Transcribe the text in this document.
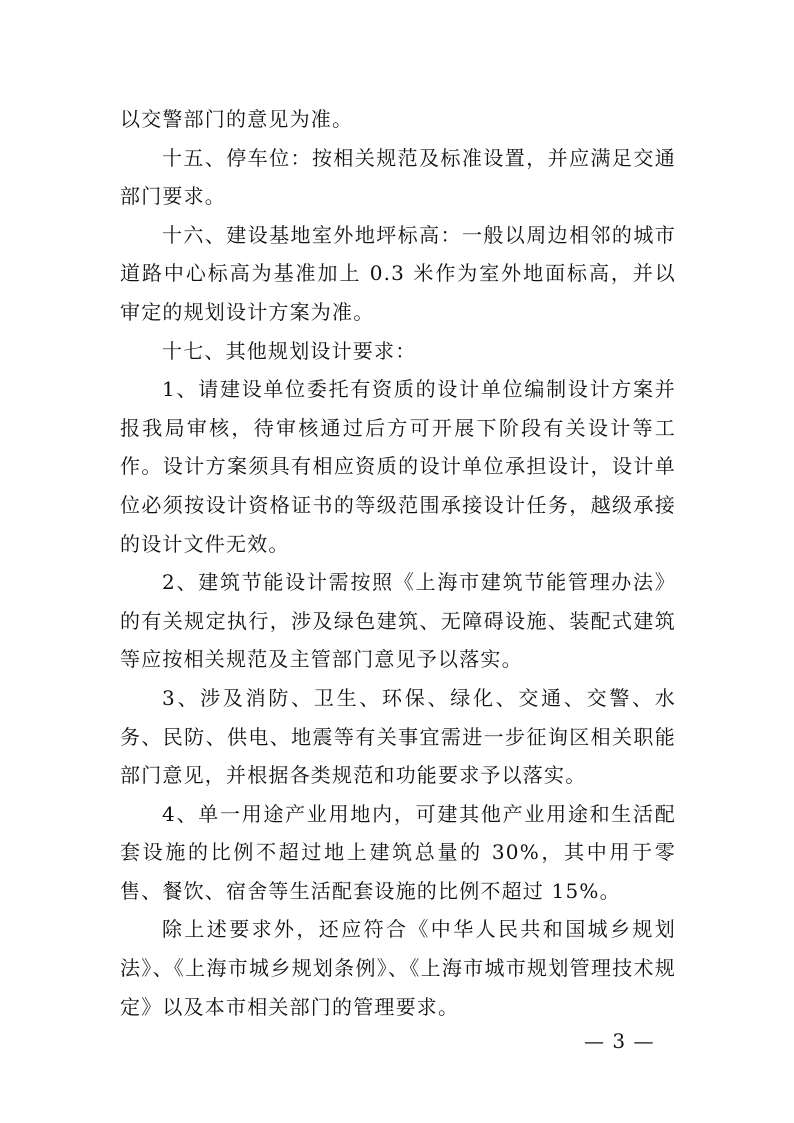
以交警部门的意见为准。

十五、停车位：按相关规范及标准设置，并应满足交通部门要求。

十六、建设基地室外地坪标高：一般以周边相邻的城市道路中心标高为基准加上 0.3 米作为室外地面标高，并以审定的规划设计方案为准。

十七、其他规划设计要求：

1、请建设单位委托有资质的设计单位编制设计方案并报我局审核，待审核通过后方可开展下阶段有关设计等工作。设计方案须具有相应资质的设计单位承担设计，设计单位必须按设计资格证书的等级范围承接设计任务，越级承接的设计文件无效。

2、建筑节能设计需按照《上海市建筑节能管理办法》的有关规定执行，涉及绿色建筑、无障碍设施、装配式建筑等应按相关规范及主管部门意见予以落实。

3、涉及消防、卫生、环保、绿化、交通、交警、水务、民防、供电、地震等有关事宜需进一步征询区相关职能部门意见，并根据各类规范和功能要求予以落实。

4、单一用途产业用地内，可建其他产业用途和生活配套设施的比例不超过地上建筑总量的 30%，其中用于零售、餐饮、宿舍等生活配套设施的比例不超过 15%。

除上述要求外，还应符合《中华人民共和国城乡规划法》、《上海市城乡规划条例》、《上海市城市规划管理技术规定》以及本市相关部门的管理要求。

— 3 —
